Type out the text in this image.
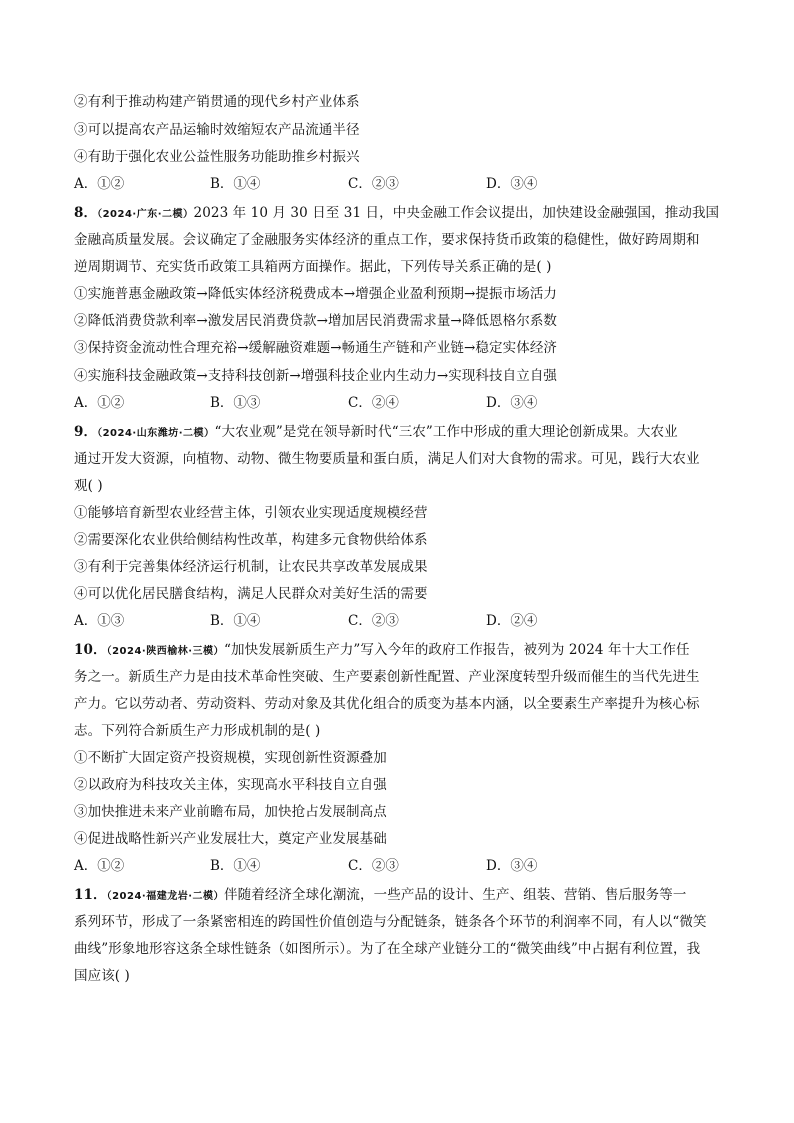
②有利于推动构建产销贯通的现代乡村产业体系
③可以提高农产品运输时效缩短农产品流通半径
④有助于强化农业公益性服务功能助推乡村振兴
A．①②	B．①④	C．②③	D．③④
8．（2024·广东·二模）2023 年 10 月 30 日至 31 日，中央金融工作会议提出，加快建设金融强国，推动我国
金融高质量发展。会议确定了金融服务实体经济的重点工作，要求保持货币政策的稳健性，做好跨周期和
逆周期调节、充实货币政策工具箱两方面操作。据此，下列传导关系正确的是( )
①实施普惠金融政策→降低实体经济税费成本→增强企业盈利预期→提振市场活力
②降低消费贷款利率→激发居民消费贷款→增加居民消费需求量→降低恩格尔系数
③保持资金流动性合理充裕→缓解融资难题→畅通生产链和产业链→稳定实体经济
④实施科技金融政策→支持科技创新→增强科技企业内生动力→实现科技自立自强
A．①②	B．①③	C．②④	D．③④
9．（2024·山东潍坊·二模）“大农业观”是党在领导新时代“三农”工作中形成的重大理论创新成果。大农业
通过开发大资源，向植物、动物、微生物要质量和蛋白质，满足人们对大食物的需求。可见，践行大农业
观( )
①能够培育新型农业经营主体，引领农业实现适度规模经营
②需要深化农业供给侧结构性改革，构建多元食物供给体系
③有利于完善集体经济运行机制，让农民共享改革发展成果
④可以优化居民膳食结构，满足人民群众对美好生活的需要
A．①③	B．①④	C．②③	D．②④
10．（2024·陕西榆林·三模）“加快发展新质生产力”写入今年的政府工作报告，被列为 2024 年十大工作任
务之一。新质生产力是由技术革命性突破、生产要素创新性配置、产业深度转型升级而催生的当代先进生
产力。它以劳动者、劳动资料、劳动对象及其优化组合的质变为基本内涵，以全要素生产率提升为核心标
志。下列符合新质生产力形成机制的是( )
①不断扩大固定资产投资规模，实现创新性资源叠加
②以政府为科技攻关主体，实现高水平科技自立自强
③加快推进未来产业前瞻布局，加快抢占发展制高点
④促进战略性新兴产业发展壮大，奠定产业发展基础
A．①②	B．①④	C．②③	D．③④
11．（2024·福建龙岩·二模）伴随着经济全球化潮流，一些产品的设计、生产、组装、营销、售后服务等一
系列环节，形成了一条紧密相连的跨国性价值创造与分配链条，链条各个环节的利润率不同，有人以“微笑
曲线”形象地形容这条全球性链条（如图所示）。为了在全球产业链分工的“微笑曲线”中占据有利位置，我
国应该( )
